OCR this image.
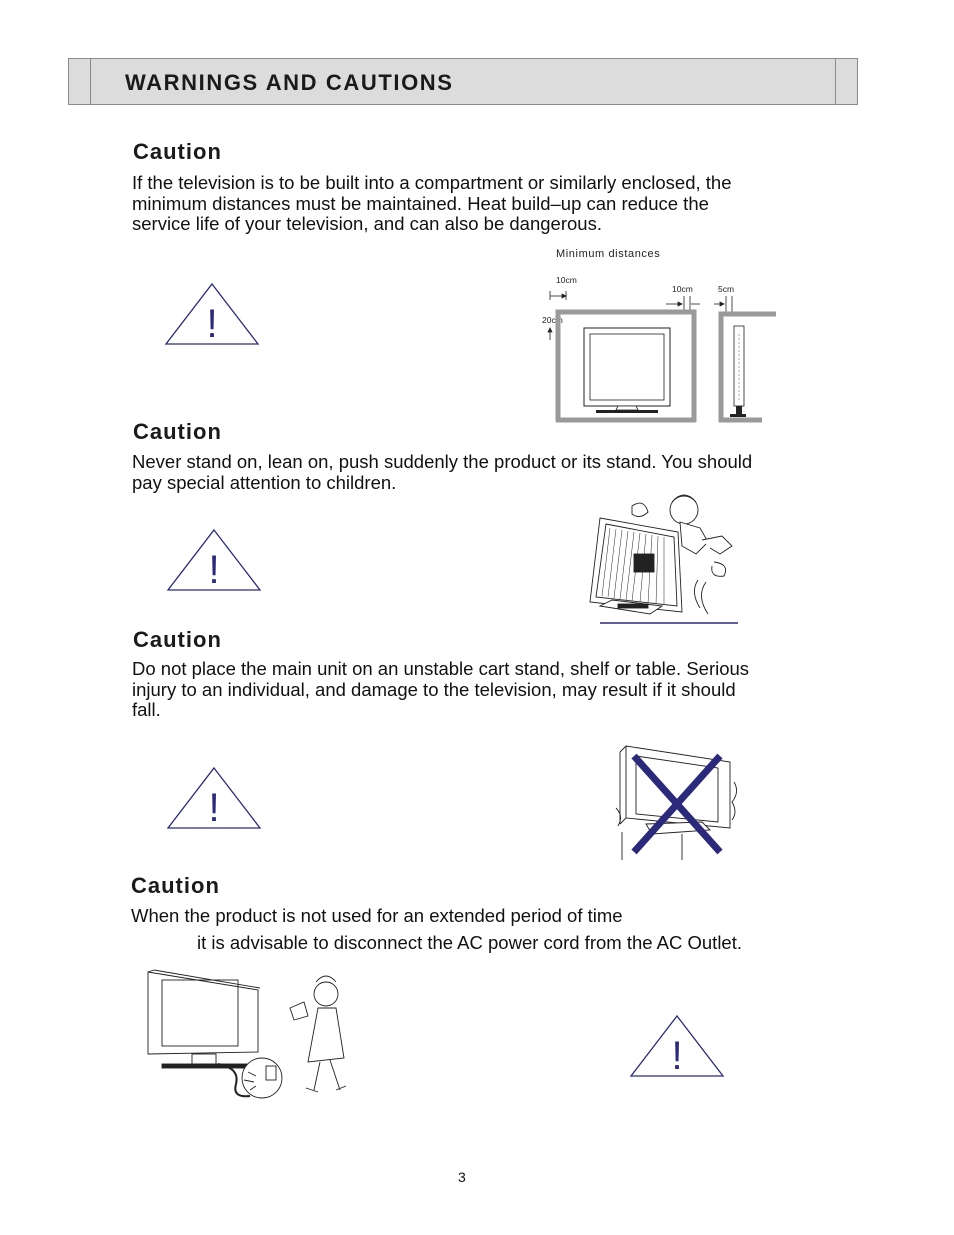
WARNINGS AND CAUTIONS
Caution
If the television is to be built into a compartment or similarly enclosed, the
minimum distances must be maintained. Heat build–up can reduce the
service life of your television, and can also be dangerous.
!
Minimum distances
10cm
10cm	5cm
20cm
Caution
Never stand on, lean on, push suddenly the product or its stand. You should
pay special attention to children.
!
Caution
Do not place the main unit on an unstable cart stand, shelf or table. Serious
injury to an individual, and damage to the television, may result if it should
fall.
!
Caution
When the product is not used for an extended period of time
it is advisable to disconnect the AC power cord from the AC Outlet.
!
3
